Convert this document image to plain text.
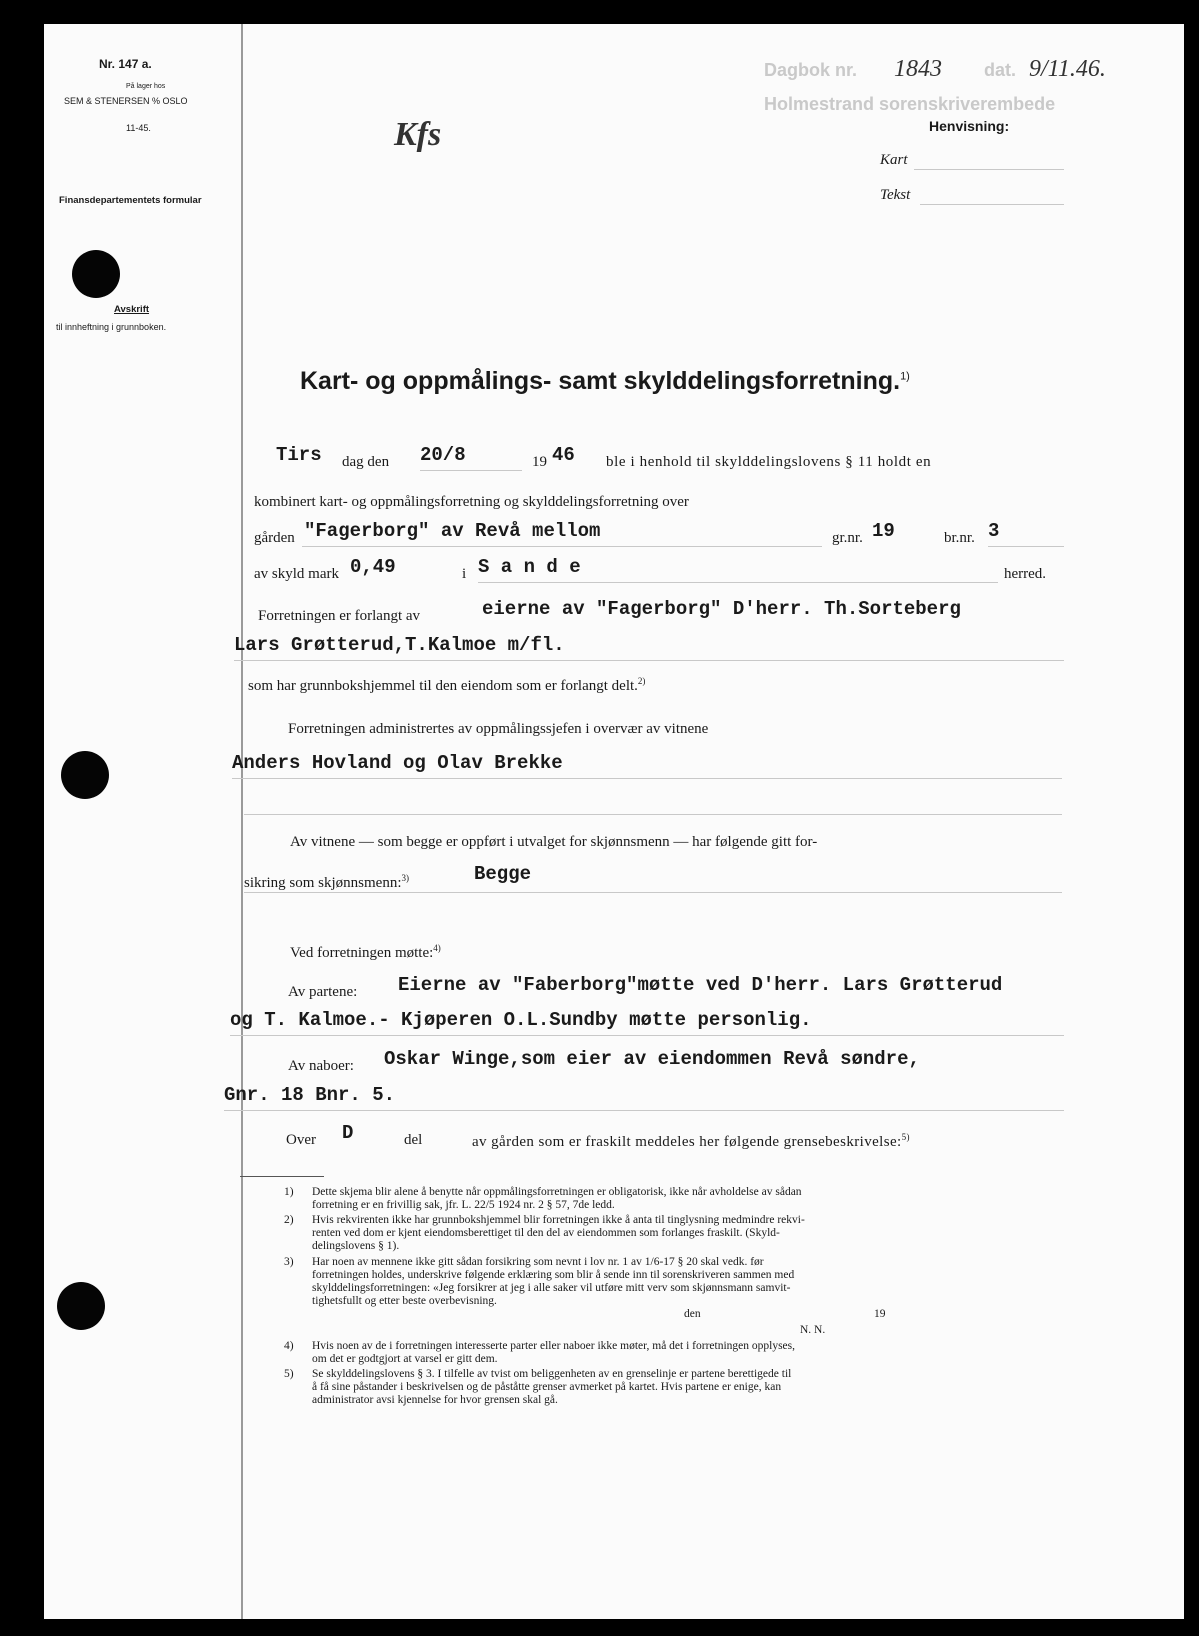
Nr. 147 a.
På lager hos
SEM & STENERSEN % OSLO
11-45.
Finansdepartementets formular
Avskrift
til innheftning i grunnboken.
Dagbok nr. 1843 dat. 9/11.46.
Holmestrand sorenskriverembede
Kfs	Henvisning:
Kart
Tekst
Kart- og oppmålings- samt skylddelingsforretning.$^{1)}$
Tirs dag den 20/8	19 46 ble i henhold til skylddelingslovens § 11 holdt en
kombinert kart- og oppmålingsforretning og skylddelingsforretning over
gården "Fagerborg" av Revå mellom	gr.nr. 19	br.nr. 3
av skyld mark 0,49	i S a n d e	herred.
Forretningen er forlangt av	eierne av "Fagerborg" D'herr. Th.Sorteberg
Lars Grøtterud,T.Kalmoe m/fl.
som har grunnbokshjemmel til den eiendom som er forlangt delt.$^{2)}$
Forretningen administrertes av oppmålingssjefen i overvær av vitnene
Anders Hovland og Olav Brekke
Av vitnene — som begge er oppført i utvalget for skjønnsmenn — har følgende gitt for-
sikring som skjønnsmenn:$^{3)}$	Begge
Ved forretningen møtte:$^{4)}$
Av partene: Eierne av "Faberborg"møtte ved D'herr. Lars Grøtterud
og T. Kalmoe.- Kjøperen O.L.Sundby møtte personlig.
Av naboer: Oskar Winge,som eier av eiendommen Revå søndre,
Gnr. 18 Bnr. 5.
Over D	del	av gården som er fraskilt meddeles her følgende grensebeskrivelse:$^{5)}$
1) Dette skjema blir alene å benytte når oppmålingsforretningen er obligatorisk, ikke når avholdelse av sådan
forretning er en frivillig sak, jfr. L. 22/5 1924 nr. 2 § 57, 7de ledd.
2) Hvis rekvirenten ikke har grunnbokshjemmel blir forretningen ikke å anta til tinglysning medmindre rekvi-
renten ved dom er kjent eiendomsberettiget til den del av eiendommen som forlanges fraskilt. (Skyld-
delingslovens § 1).
3) Har noen av mennene ikke gitt sådan forsikring som nevnt i lov nr. 1 av 1/6-17 § 20 skal vedk. før
forretningen holdes, underskrive følgende erklæring som blir å sende inn til sorenskriveren sammen med
skylddelingsforretningen: «Jeg forsikrer at jeg i alle saker vil utføre mitt verv som skjønnsmann samvit-
tighetsfullt og etter beste overbevisning.
den	19
N. N.
4) Hvis noen av de i forretningen interesserte parter eller naboer ikke møter, må det i forretningen opplyses,
om det er godtgjort at varsel er gitt dem.
5) Se skylddelingslovens § 3. I tilfelle av tvist om beliggenheten av en grenselinje er partene berettigede til
å få sine påstander i beskrivelsen og de påståtte grenser avmerket på kartet. Hvis partene er enige, kan
administrator avsi kjennelse for hvor grensen skal gå.
